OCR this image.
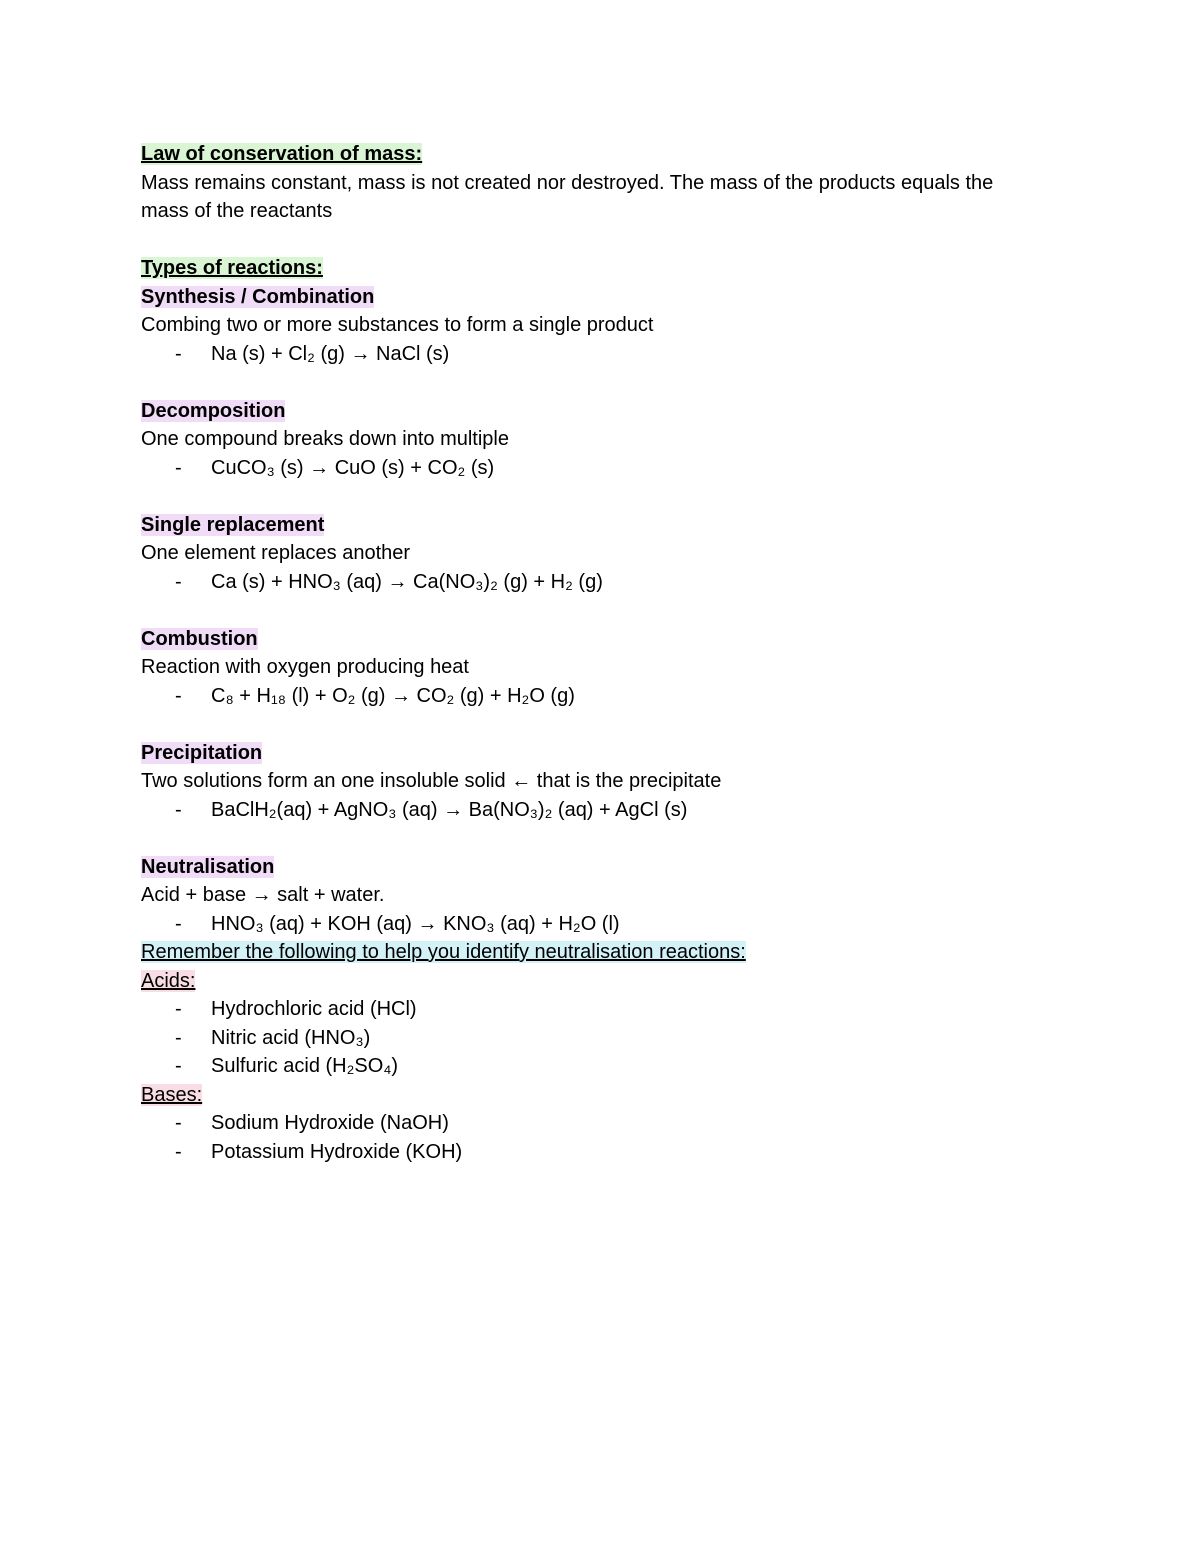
Law of conservation of mass:
Mass remains constant, mass is not created nor destroyed. The mass of the products equals the mass of the reactants
Types of reactions:
Synthesis / Combination
Combing two or more substances to form a single product
-	Na (s) + Cl₂ (g) → NaCl (s)
Decomposition
One compound breaks down into multiple
-	CuCO₃ (s) → CuO (s) + CO₂ (s)
Single replacement
One element replaces another
-	Ca (s) + HNO₃ (aq) → Ca(NO₃)₂ (g) + H₂ (g)
Combustion
Reaction with oxygen producing heat
-	C₈ + H₁₈ (l) + O₂ (g) → CO₂ (g) + H₂O (g)
Precipitation
Two solutions form an one insoluble solid ← that is the precipitate
-	BaClH₂(aq) + AgNO₃ (aq) → Ba(NO₃)₂ (aq) + AgCl (s)
Neutralisation
Acid + base → salt + water.
-	HNO₃ (aq) + KOH (aq) → KNO₃ (aq) + H₂O (l)
Remember the following to help you identify neutralisation reactions:
Acids:
-	Hydrochloric acid (HCl)
-	Nitric acid (HNO₃)
-	Sulfuric acid (H₂SO₄)
Bases:
-	Sodium Hydroxide (NaOH)
-	Potassium Hydroxide (KOH)
